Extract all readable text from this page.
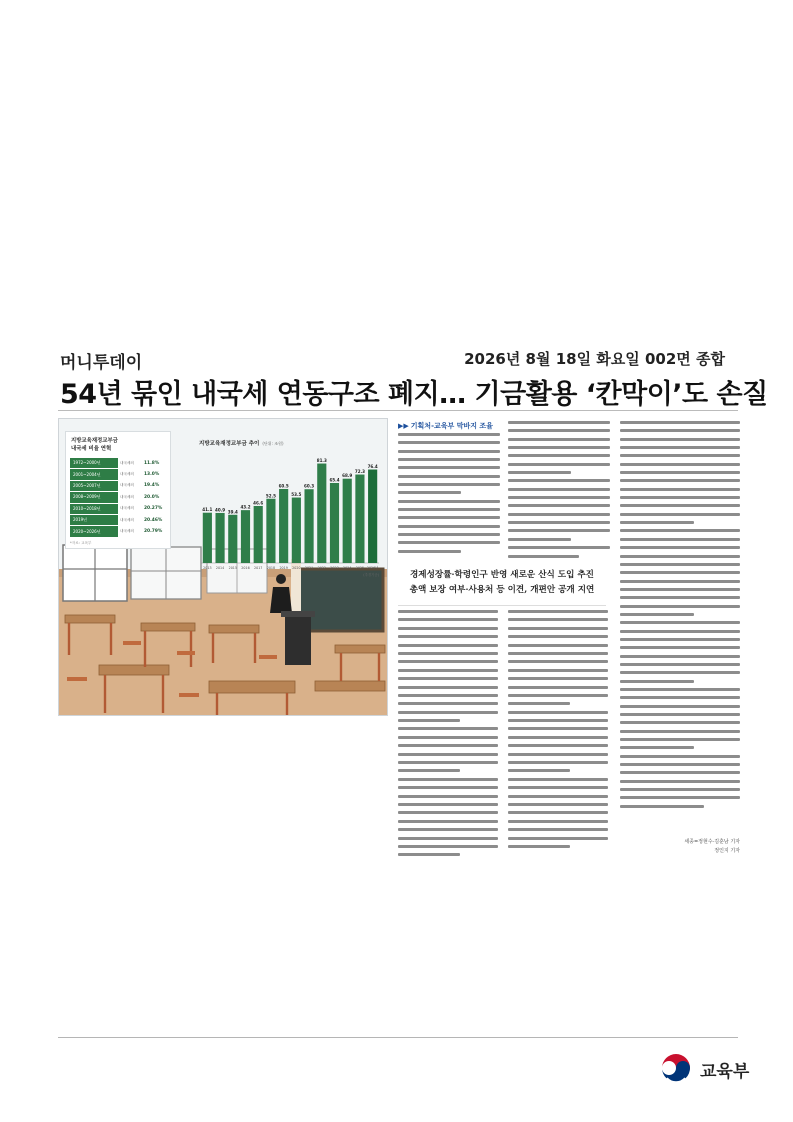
머니투데이	2026년 8월 18일 화요일 002면 종합
54년 묶인 내국세 연동구조 폐지… 기금활용 ‘칸막이’도 손질
지방교육재정교부금
내국세 비율 연혁
1972~2000년	내국세의	11.8%
2001~2004년	내국세의	13.0%
2005~2007년	내국세의	19.4%
2008~2009년	내국세의	20.0%
2010~2018년	내국세의	20.27%
2019년	내국세의	20.46%
2020~2026년	내국세의	20.79%
*자료: 교육부
지방교육재정교부금 추이 (단위: 조원)
41.1
2013
40.9
2014
39.4
2015
43.2
2016
46.6
2017
52.5
2018
60.5
2019
53.5
2020
60.3
2021
81.3
2022
65.4
2023
68.9
2024
72.3
2025
76.4
2026년
(추경기준)
▶▶ 기획처-교육부 막바지 조율
경제성장률·학령인구 반영 새로운 산식 도입 추진
총액 보장 여부·사용처 등 이견, 개편안 공개 지연
세종=정현수·김훈남 기자
정인지 기자
교육부
